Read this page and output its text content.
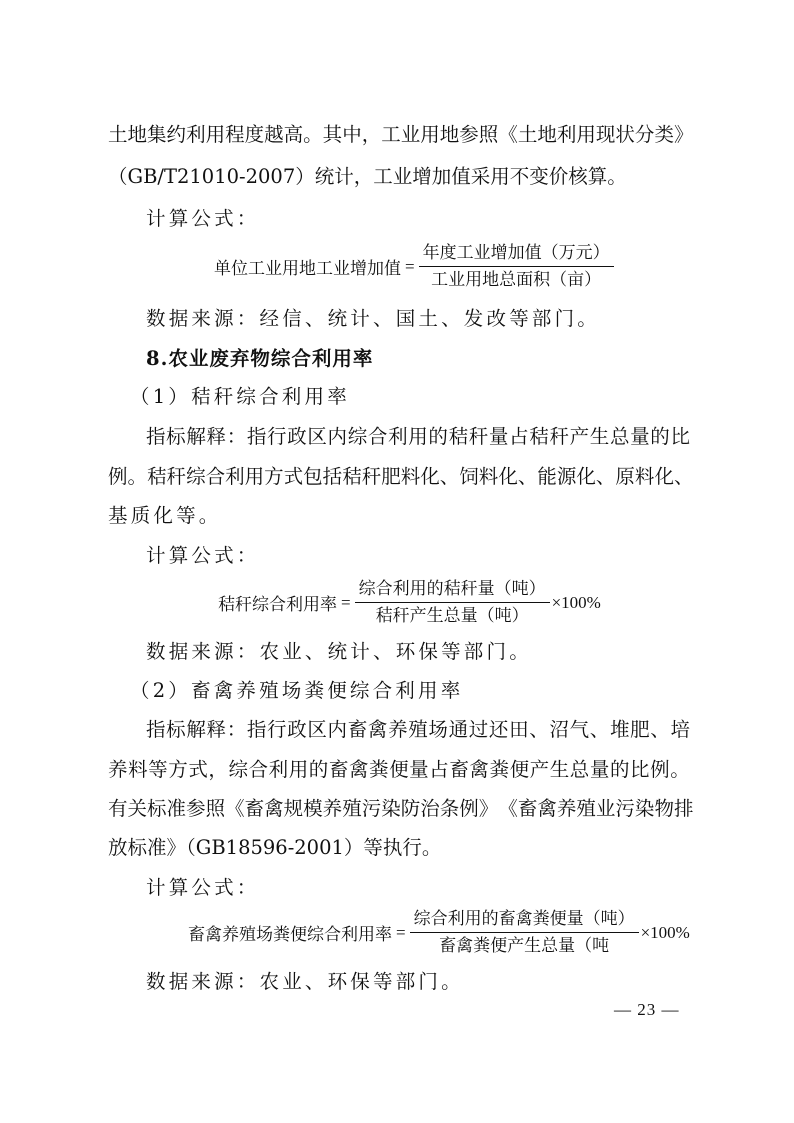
土 地 集 约 利 用 程 度 越 高 。 其 中 ， 工 业 用 地 参 照 《 土 地 利 用 现 状 分 类 》
（GB/T21010-2007）统计，工业增加值采用不变价核算。
计算公式：
单位工业用地工业增加值 = $\frac{\text{年度工业增加值（万元）}}{\text{工业用地总面积（亩）}}$
数据来源：经信、统计、国土、发改等部门。
8.农业废弃物综合利用率
（1）秸秆综合利用率
指 标 解 释 ： 指 行 政 区 内 综 合 利 用 的 秸 秆 量 占 秸 秆 产 生 总 量 的 比
例 。 秸 秆 综 合 利 用 方 式 包 括 秸 秆 肥 料 化 、 饲 料 化 、 能 源 化 、 原 料 化 、
基质化等。
计算公式：
秸秆综合利用率 = $\frac{\text{综合利用的秸秆量（吨）}}{\text{秸秆产生总量（吨）}} \times 100\%$
数据来源：农业、统计、环保等部门。
（2）畜禽养殖场粪便综合利用率
指 标 解 释 ： 指 行 政 区 内 畜 禽 养 殖 场 通 过 还 田 、 沼 气 、 堆 肥 、 培
养 料 等 方 式 ， 综 合 利 用 的 畜 禽 粪 便 量 占 畜 禽 粪 便 产 生 总 量 的 比 例 。
有 关 标 准 参 照 《 畜 禽 规 模 养 殖 污 染 防 治 条 例 》 《 畜 禽 养 殖 业 污 染 物 排
放标准》（GB18596-2001）等执行。
计算公式：
畜禽养殖场粪便综合利用率 = $\frac{\text{综合利用的畜禽粪便量（吨）}}{\text{畜禽粪便产生总量（吨}} \times 100\%$
数据来源：农业、环保等部门。
— 23 —
